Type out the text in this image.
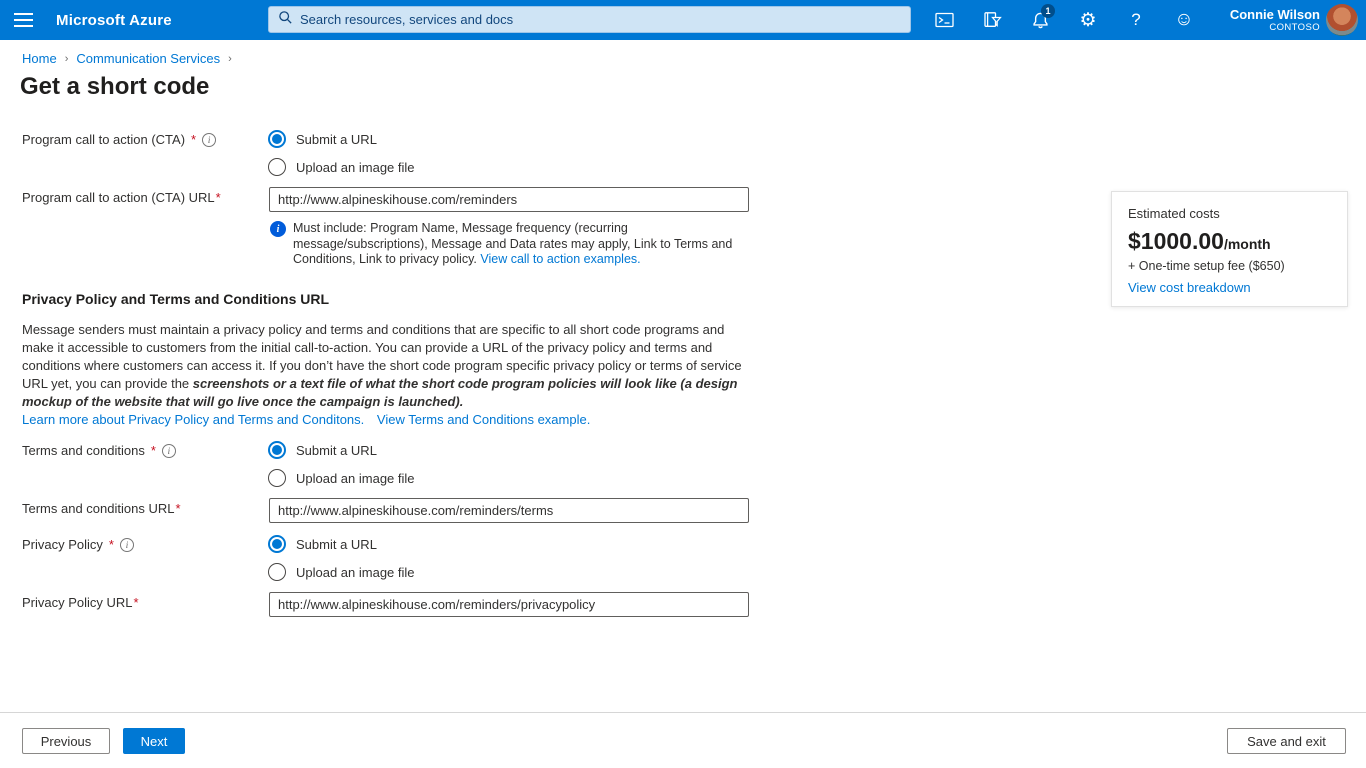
Microsoft Azure
Search resources, services and docs
1	⚙	?	☺	Connie Wilson
CONTOSO
Home › Communication Services ›
Get a short code
Program call to action (CTA) *	i	Submit a URL
Upload an image file
Program call to action (CTA) URL *
http://www.alpineskihouse.com/reminders
i	Must include: Program Name, Message frequency (recurring message/subscriptions), Message and Data rates may apply, Link to Terms and Conditions, Link to privacy policy. View call to action examples.
Privacy Policy and Terms and Conditions URL
Message senders must maintain a privacy policy and terms and conditions that are specific to all short code programs and make it accessible to customers from the initial call-to-action. You can provide a URL of the privacy policy and terms and conditions where customers can access it. If you don’t have the short code program specific privacy policy or terms of service URL yet, you can provide the screenshots or a text file of what the short code program policies will look like (a design mockup of the website that will go live once the campaign is launched).
Learn more about Privacy Policy and Terms and Conditons. View Terms and Conditions example.
Terms and conditions *	i	Submit a URL
Upload an image file
Terms and conditions URL *
http://www.alpineskihouse.com/reminders/terms
Privacy Policy *	i	Submit a URL
Upload an image file
Privacy Policy URL *
http://www.alpineskihouse.com/reminders/privacypolicy
Estimated costs
$1000.00/month
+ One-time setup fee ($650)
View cost breakdown
Previous	Next	Save and exit
